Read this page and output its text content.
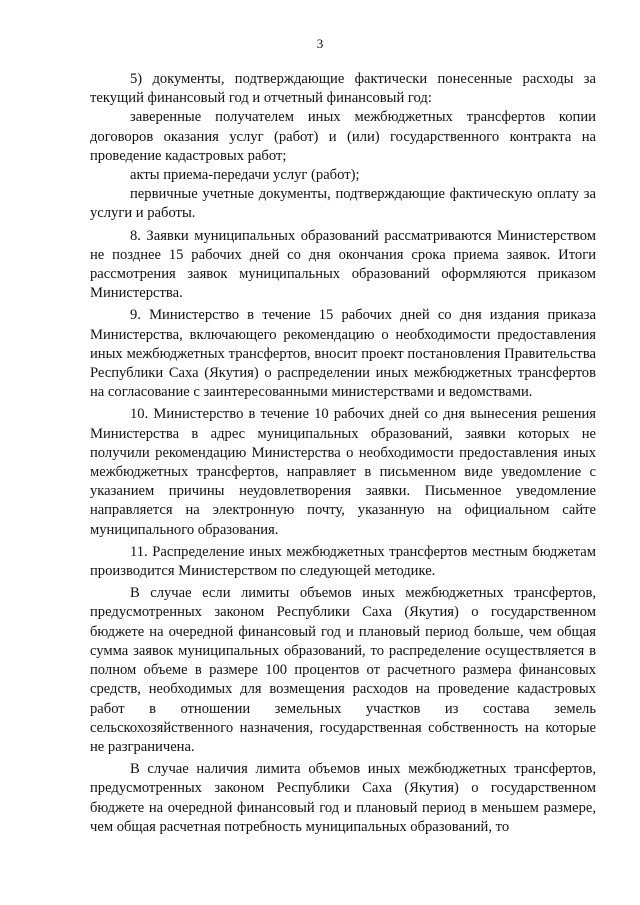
3

5) документы, подтверждающие фактически понесенные расходы за текущий финансовый год и отчетный финансовый год:

заверенные получателем иных межбюджетных трансфертов копии договоров оказания услуг (работ) и (или) государственного контракта на проведение кадастровых работ;

акты приема-передачи услуг (работ);

первичные учетные документы, подтверждающие фактическую оплату за услуги и работы.

8. Заявки муниципальных образований рассматриваются Министерством не позднее 15 рабочих дней со дня окончания срока приема заявок. Итоги рассмотрения заявок муниципальных образований оформляются приказом Министерства.

9. Министерство в течение 15 рабочих дней со дня издания приказа Министерства, включающего рекомендацию о необходимости предоставления иных межбюджетных трансфертов, вносит проект постановления Правительства Республики Саха (Якутия) о распределении иных межбюджетных трансфертов на согласование с заинтересованными министерствами и ведомствами.

10. Министерство в течение 10 рабочих дней со дня вынесения решения Министерства в адрес муниципальных образований, заявки которых не получили рекомендацию Министерства о необходимости предоставления иных межбюджетных трансфертов, направляет в письменном виде уведомление с указанием причины неудовлетворения заявки. Письменное уведомление направляется на электронную почту, указанную на официальном сайте муниципального образования.

11. Распределение иных межбюджетных трансфертов местным бюджетам производится Министерством по следующей методике.

В случае если лимиты объемов иных межбюджетных трансфертов, предусмотренных законом Республики Саха (Якутия) о государственном бюджете на очередной финансовый год и плановый период больше, чем общая сумма заявок муниципальных образований, то распределение осуществляется в полном объеме в размере 100 процентов от расчетного размера финансовых средств, необходимых для возмещения расходов на проведение кадастровых работ в отношении земельных участков из состава земель сельскохозяйственного назначения, государственная собственность на которые не разграничена.

В случае наличия лимита объемов иных межбюджетных трансфертов, предусмотренных законом Республики Саха (Якутия) о государственном бюджете на очередной финансовый год и плановый период в меньшем размере, чем общая расчетная потребность муниципальных образований, то
